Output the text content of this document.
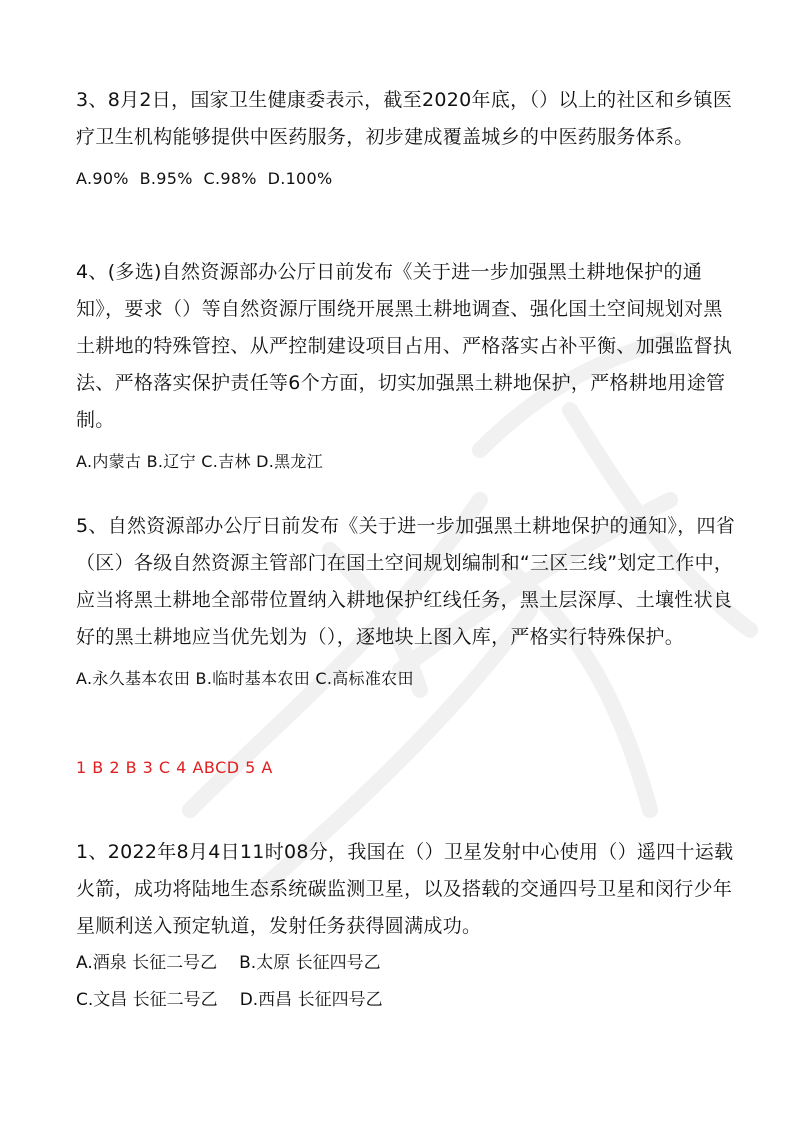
3、8月2日，国家卫生健康委表示，截至2020年底，（）以上的社区和乡镇医疗卫生机构能够提供中医药服务，初步建成覆盖城乡的中医药服务体系。

A.90%  B.95%  C.98%  D.100%

4、(多选)自然资源部办公厅日前发布《关于进一步加强黑土耕地保护的通知》，要求（）等自然资源厅围绕开展黑土耕地调查、强化国土空间规划对黑土耕地的特殊管控、从严控制建设项目占用、严格落实占补平衡、加强监督执法、严格落实保护责任等6个方面，切实加强黑土耕地保护，严格耕地用途管制。

A.内蒙古 B.辽宁 C.吉林 D.黑龙江

5、自然资源部办公厅日前发布《关于进一步加强黑土耕地保护的通知》，四省（区）各级自然资源主管部门在国土空间规划编制和“三区三线”划定工作中，应当将黑土耕地全部带位置纳入耕地保护红线任务，黑土层深厚、土壤性状良好的黑土耕地应当优先划为（），逐地块上图入库，严格实行特殊保护。

A.永久基本农田 B.临时基本农田 C.高标准农田

1 B 2 B 3 C 4 ABCD 5 A

1、2022年8月4日11时08分，我国在（）卫星发射中心使用（）遥四十运载火箭，成功将陆地生态系统碳监测卫星，以及搭载的交通四号卫星和闵行少年星顺利送入预定轨道，发射任务获得圆满成功。

A.酒泉 长征二号乙 B.太原 长征四号乙

C.文昌 长征二号乙 D.西昌 长征四号乙
